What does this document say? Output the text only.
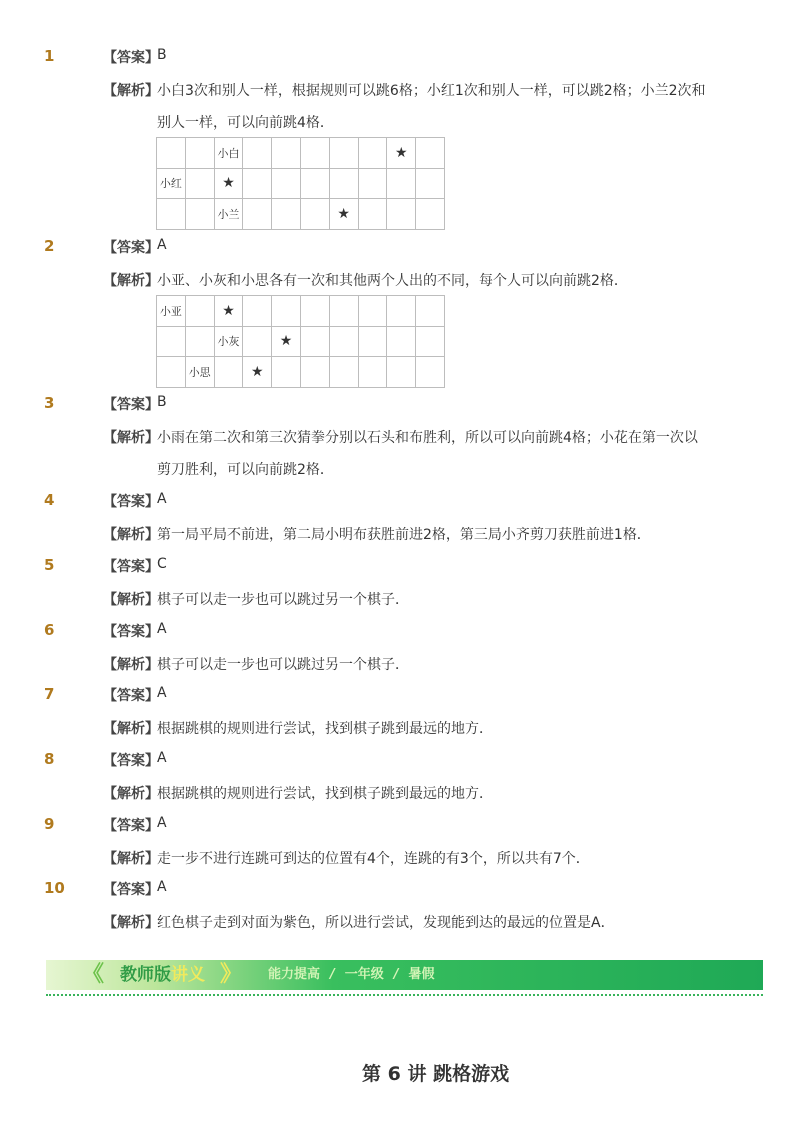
1	【答案】
B
【解析】
小白3次和别人一样，根据规则可以跳6格；小红1次和别人一样，可以跳2格；小兰2次和
别人一样，可以向前跳4格．
		小白						★	
小红		★							
		小兰				★			
2	【答案】
A
【解析】
小亚、小灰和小思各有一次和其他两个人出的不同，每个人可以向前跳2格．
小亚		★							
		小灰		★					
	小思		★						
3	【答案】
B
【解析】
小雨在第二次和第三次猜拳分别以石头和布胜利，所以可以向前跳4格；小花在第一次以
剪刀胜利，可以向前跳2格．
4	【答案】
A
【解析】
第一局平局不前进，第二局小明布获胜前进2格，第三局小齐剪刀获胜前进1格．
5	【答案】
C
【解析】
棋子可以走一步也可以跳过另一个棋子．
6	【答案】
A
【解析】
棋子可以走一步也可以跳过另一个棋子．
7	【答案】
A
【解析】
根据跳棋的规则进行尝试，找到棋子跳到最远的地方．
8	【答案】
A
【解析】
根据跳棋的规则进行尝试，找到棋子跳到最远的地方．
9	【答案】
A
【解析】
走一步不进行连跳可到达的位置有4个，连跳的有3个，所以共有7个．
10	【答案】
A
【解析】
红色棋子走到对面为紫色，所以进行尝试，发现能到达的最远的位置是A．
《 教师版讲义 》 能力提高 / 一年级 / 暑假
第 6 讲 跳格游戏
